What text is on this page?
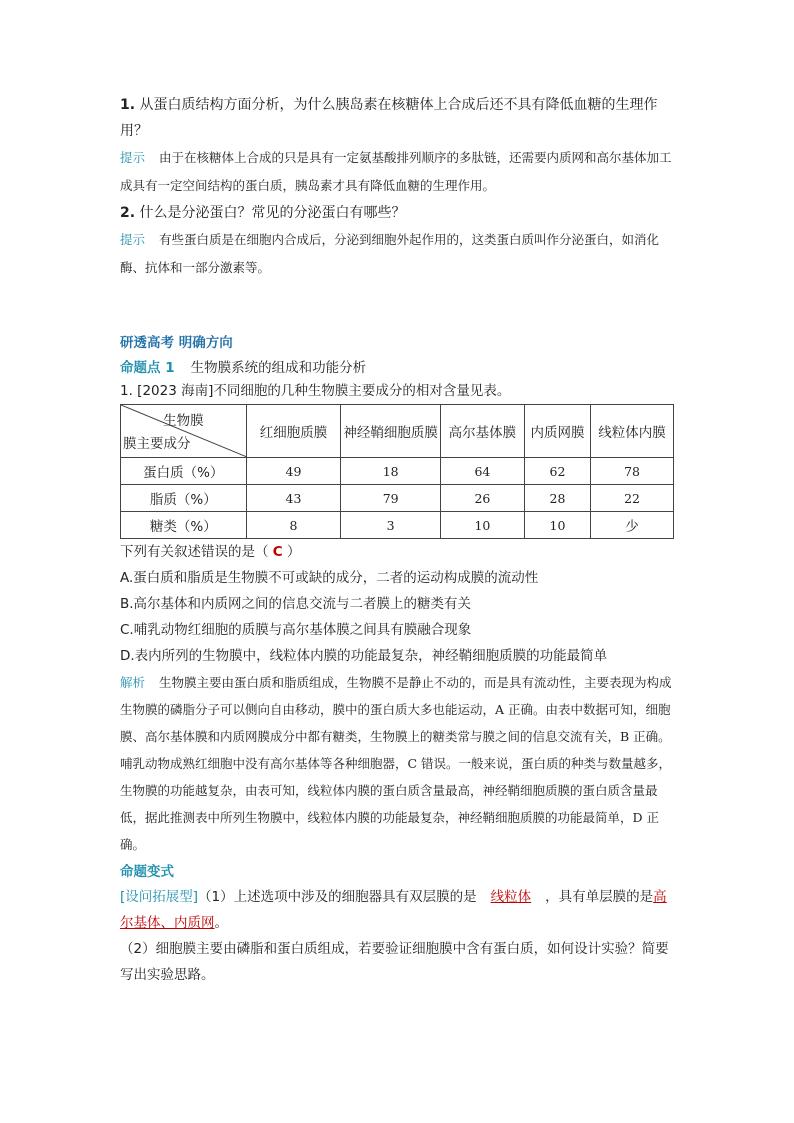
1. 从蛋白质结构方面分析，为什么胰岛素在核糖体上合成后还不具有降低血糖的生理作用？

提示 由于在核糖体上合成的只是具有一定氨基酸排列顺序的多肽链，还需要内质网和高尔基体加工成具有一定空间结构的蛋白质，胰岛素才具有降低血糖的生理作用。

2. 什么是分泌蛋白？常见的分泌蛋白有哪些？

提示 有些蛋白质是在细胞内合成后，分泌到细胞外起作用的，这类蛋白质叫作分泌蛋白，如消化酶、抗体和一部分激素等。

研透高考 明确方向
命题点 1 生物膜系统的组成和功能分析
1. [2023 海南]不同细胞的几种生物膜主要成分的相对含量见表。
生物膜
膜主要成分	红细胞质膜	神经鞘细胞质膜	高尔基体膜	内质网膜	线粒体内膜
蛋白质（%）	49	18	64	62	78
脂质（%）	43	79	26	28	22
糖类（%）	8	3	10	10	少
下列有关叙述错误的是（ C ）

A.蛋白质和脂质是生物膜不可或缺的成分，二者的运动构成膜的流动性

B.高尔基体和内质网之间的信息交流与二者膜上的糖类有关

C.哺乳动物红细胞的质膜与高尔基体膜之间具有膜融合现象

D.表内所列的生物膜中，线粒体内膜的功能最复杂，神经鞘细胞质膜的功能最简单

解析 生物膜主要由蛋白质和脂质组成，生物膜不是静止不动的，而是具有流动性，主要表现为构成生物膜的磷脂分子可以侧向自由移动，膜中的蛋白质大多也能运动，A 正确。由表中数据可知，细胞膜、高尔基体膜和内质网膜成分中都有糖类，生物膜上的糖类常与膜之间的信息交流有关，B 正确。哺乳动物成熟红细胞中没有高尔基体等各种细胞器，C 错误。一般来说，蛋白质的种类与数量越多，生物膜的功能越复杂，由表可知，线粒体内膜的蛋白质含量最高，神经鞘细胞质膜的蛋白质含量最低，据此推测表中所列生物膜中，线粒体内膜的功能最复杂，神经鞘细胞质膜的功能最简单，D 正确。

命题变式

[设问拓展型]（1）上述选项中涉及的细胞器具有双层膜的是 线粒体 ，具有单层膜的是高尔基体、内质网。

（2）细胞膜主要由磷脂和蛋白质组成，若要验证细胞膜中含有蛋白质，如何设计实验？简要写出实验思路。
